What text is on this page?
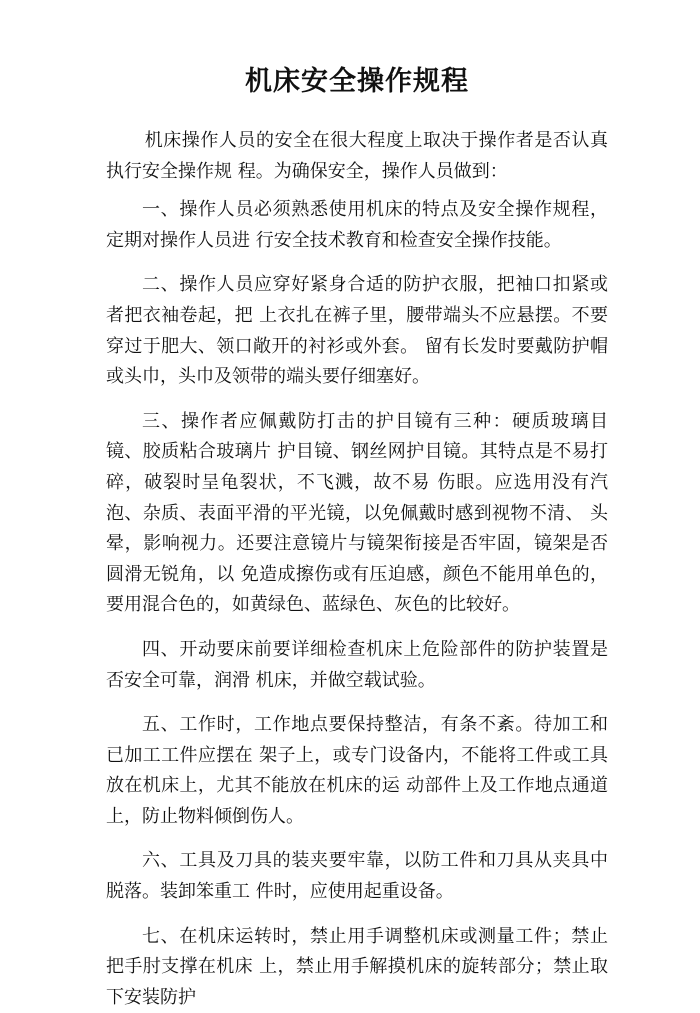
机床安全操作规程

机床操作人员的安全在很大程度上取决于操作者是否认真执行安全操作规 程。为确保安全，操作人员做到：

一、操作人员必须熟悉使用机床的特点及安全操作规程，定期对操作人员进 行安全技术教育和检查安全操作技能。

二、操作人员应穿好紧身合适的防护衣服，把袖口扣紧或者把衣袖卷起，把 上衣扎在裤子里，腰带端头不应悬摆。不要穿过于肥大、领口敞开的衬衫或外套。 留有长发时要戴防护帽或头巾，头巾及领带的端头要仔细塞好。

三、操作者应佩戴防打击的护目镜有三种：硬质玻璃目镜、胶质粘合玻璃片 护目镜、钢丝网护目镜。其特点是不易打碎，破裂时呈龟裂状，不飞溅，故不易 伤眼。应选用没有汽泡、杂质、表面平滑的平光镜，以免佩戴时感到视物不清、 头晕，影响视力。还要注意镜片与镜架衔接是否牢固，镜架是否圆滑无锐角，以 免造成擦伤或有压迫感，颜色不能用单色的，要用混合色的，如黄绿色、蓝绿色、灰色的比较好。

四、开动要床前要详细检查机床上危险部件的防护装置是否安全可靠，润滑 机床，并做空载试验。

五、工作时，工作地点要保持整洁，有条不紊。待加工和已加工工件应摆在 架子上，或专门设备内，不能将工件或工具放在机床上，尤其不能放在机床的运 动部件上及工作地点通道上，防止物料倾倒伤人。

六、工具及刀具的装夹要牢靠，以防工件和刀具从夹具中脱落。装卸笨重工 件时，应使用起重设备。

七、在机床运转时，禁止用手调整机床或测量工件；禁止把手肘支撑在机床 上，禁止用手解摸机床的旋转部分；禁止取下安装防护
